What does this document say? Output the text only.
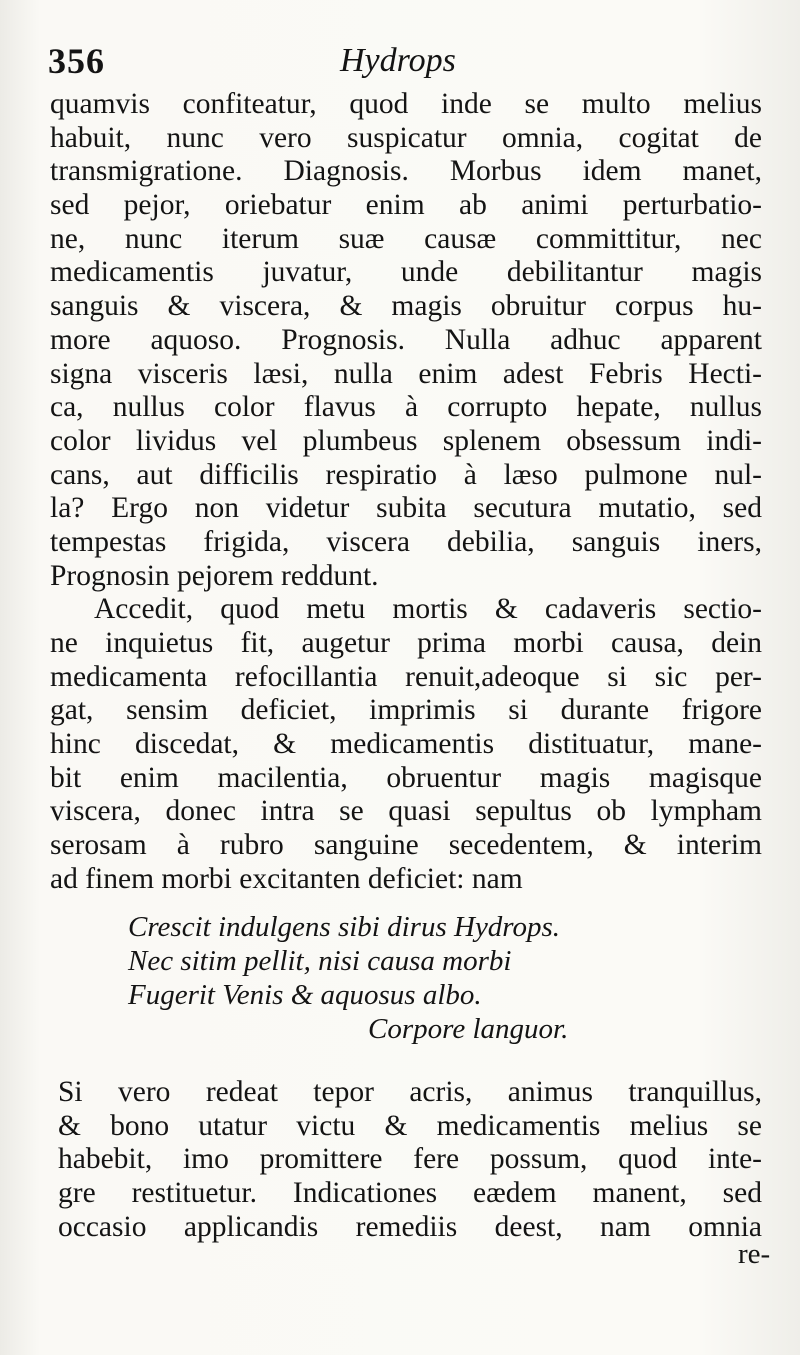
356	Hydrops
quamvis confiteatur, quod inde se multo melius
habuit, nunc vero suspicatur omnia, cogitat de
transmigratione. Diagnosis. Morbus idem manet,
sed pejor, oriebatur enim ab animi perturbatio-
ne, nunc iterum suæ causæ committitur, nec
medicamentis juvatur, unde debilitantur magis
sanguis & viscera, & magis obruitur corpus hu-
more aquoso. Prognosis. Nulla adhuc apparent
signa visceris læsi, nulla enim adest Febris Hecti-
ca, nullus color flavus à corrupto hepate, nullus
color lividus vel plumbeus splenem obsessum indi-
cans, aut difficilis respiratio à læso pulmone nul-
la? Ergo non videtur subita secutura mutatio, sed
tempestas frigida, viscera debilia, sanguis iners,
Prognosin pejorem reddunt.
Accedit, quod metu mortis & cadaveris sectio-
ne inquietus fit, augetur prima morbi causa, dein
medicamenta refocillantia renuit,adeoque si sic per-
gat, sensim deficiet, imprimis si durante frigore
hinc discedat, & medicamentis distituatur, mane-
bit enim macilentia, obruentur magis magisque
viscera, donec intra se quasi sepultus ob lympham
serosam à rubro sanguine secedentem, & interim
ad finem morbi excitanten deficiet: nam
Crescit indulgens sibi dirus Hydrops.
Nec sitim pellit, nisi causa morbi
Fugerit Venis & aquosus albo.
Corpore languor.
Si vero redeat tepor acris, animus tranquillus,
& bono utatur victu & medicamentis melius se
habebit, imo promittere fere possum, quod inte-
gre restituetur. Indicationes eædem manent, sed
occasio applicandis remediis deest, nam omnia
re-
